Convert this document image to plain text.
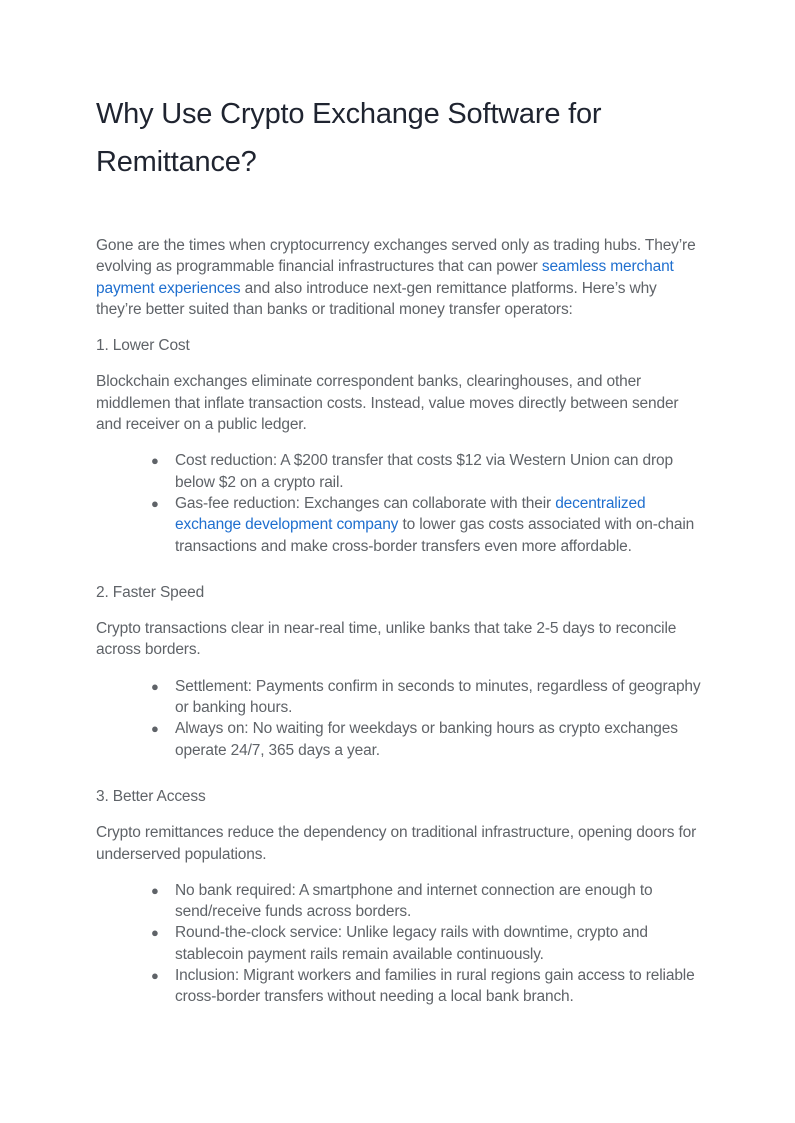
Why Use Crypto Exchange Software for Remittance?

Gone are the times when cryptocurrency exchanges served only as trading hubs. They’re evolving as programmable financial infrastructures that can power seamless merchant payment experiences and also introduce next-gen remittance platforms. Here’s why they’re better suited than banks or traditional money transfer operators:

1. Lower Cost

Blockchain exchanges eliminate correspondent banks, clearinghouses, and other middlemen that inflate transaction costs. Instead, value moves directly between sender and receiver on a public ledger.

● Cost reduction: A $200 transfer that costs $12 via Western Union can drop below $2 on a crypto rail.
● Gas-fee reduction: Exchanges can collaborate with their decentralized exchange development company to lower gas costs associated with on-chain transactions and make cross-border transfers even more affordable.
2. Faster Speed

Crypto transactions clear in near-real time, unlike banks that take 2-5 days to reconcile across borders.

● Settlement: Payments confirm in seconds to minutes, regardless of geography or banking hours.
● Always on: No waiting for weekdays or banking hours as crypto exchanges operate 24/7, 365 days a year.
3. Better Access

Crypto remittances reduce the dependency on traditional infrastructure, opening doors for underserved populations.

● No bank required: A smartphone and internet connection are enough to send/receive funds across borders.
● Round-the-clock service: Unlike legacy rails with downtime, crypto and stablecoin payment rails remain available continuously.
● Inclusion: Migrant workers and families in rural regions gain access to reliable cross-border transfers without needing a local bank branch.
